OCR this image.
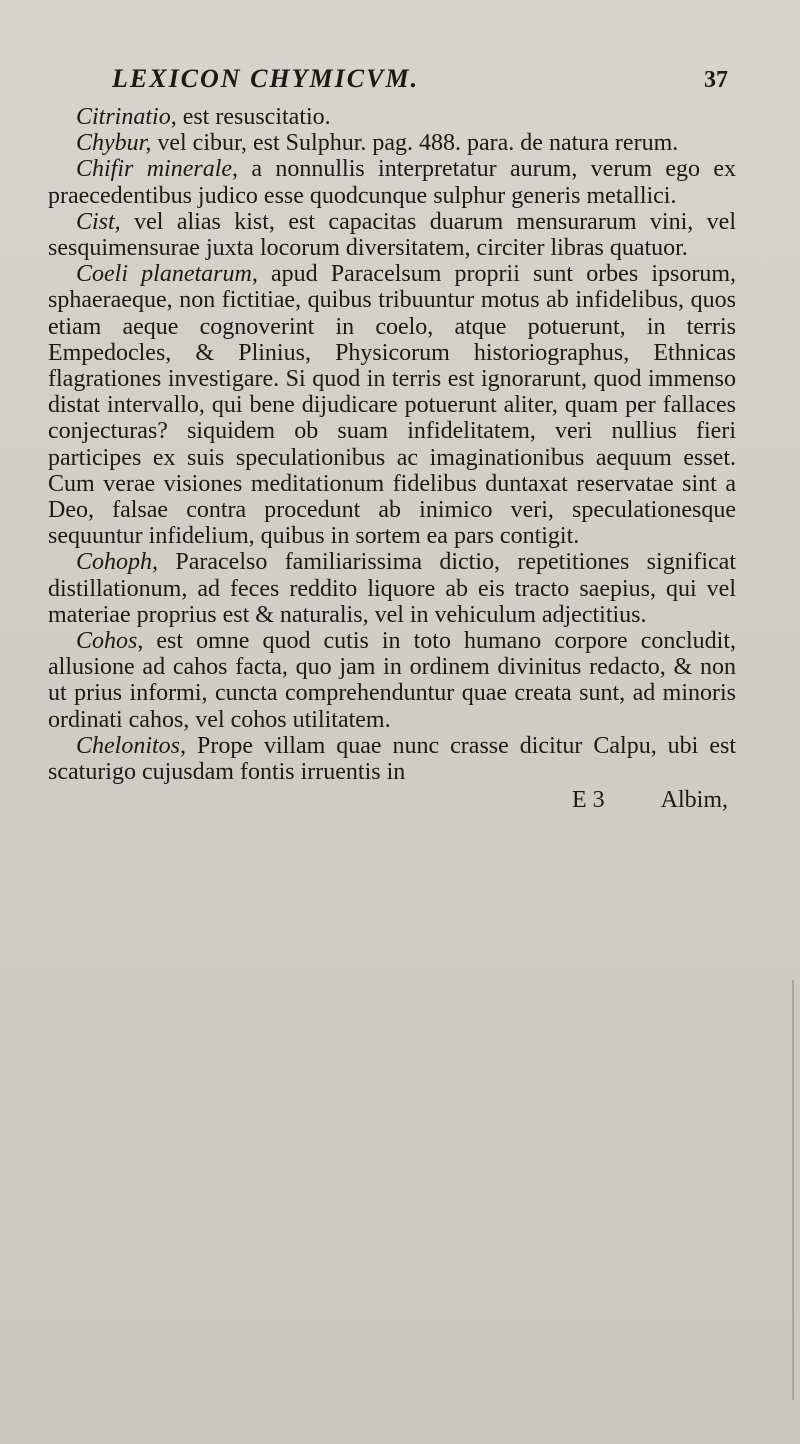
LEXICON CHYMICVM.	37

Citrinatio, est resuscitatio.

Chybur, vel cibur, est Sulphur. pag. 488. para. de natura rerum.

Chifir minerale, a nonnullis interpretatur aurum, verum ego ex praecedentibus judico esse quodcunque sulphur generis metallici.

Cist, vel alias kist, est capacitas duarum mensurarum vini, vel sesquimensurae juxta locorum diversitatem, circiter libras quatuor.

Coeli planetarum, apud Paracelsum proprii sunt orbes ipsorum, sphaeraeque, non fictitiae, quibus tribuuntur motus ab infidelibus, quos etiam aeque cognoverint in coelo, atque potuerunt, in terris Empedocles, & Plinius, Physicorum historiographus, Ethnicas flagrationes investigare. Si quod in terris est ignorarunt, quod immenso distat intervallo, qui bene dijudicare potuerunt aliter, quam per fallaces conjecturas? siquidem ob suam infidelitatem, veri nullius fieri participes ex suis speculationibus ac imaginationibus aequum esset. Cum verae visiones meditationum fidelibus duntaxat reservatae sint a Deo, falsae contra procedunt ab inimico veri, speculationesque sequuntur infidelium, quibus in sortem ea pars contigit.

Cohoph, Paracelso familiarissima dictio, repetitiones significat distillationum, ad feces reddito liquore ab eis tracto saepius, qui vel materiae proprius est & naturalis, vel in vehiculum adjectitius.

Cohos, est omne quod cutis in toto humano corpore concludit, allusione ad cahos facta, quo jam in ordinem divinitus redacto, & non ut prius informi, cuncta comprehenduntur quae creata sunt, ad minoris ordinati cahos, vel cohos utilitatem.

Chelonitos, Prope villam quae nunc crasse dicitur Calpu, ubi est scaturigo cujusdam fontis irruentis in

E 3 Albim,
